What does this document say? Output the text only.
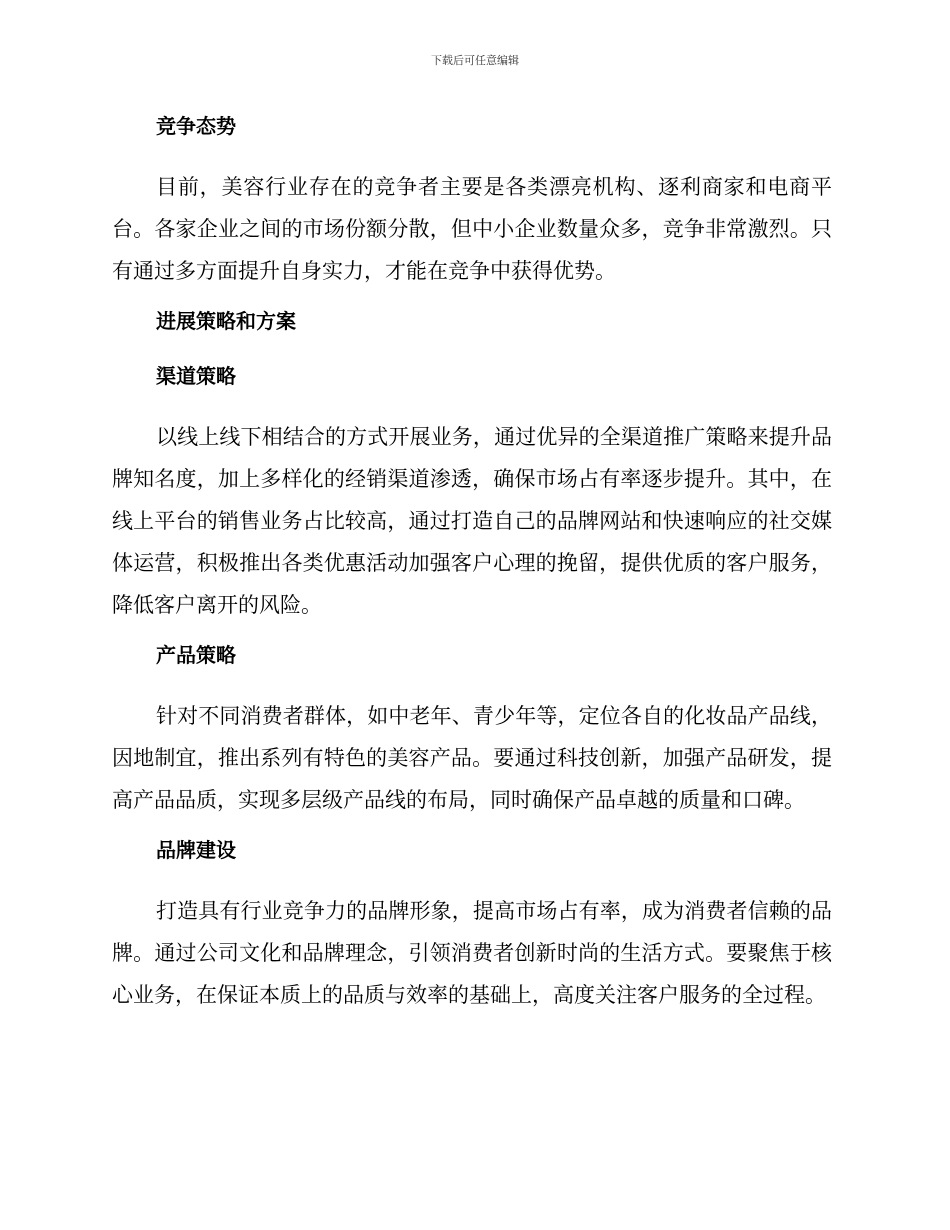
下载后可任意编辑
竞争态势

目前，美容行业存在的竞争者主要是各类漂亮机构、逐利商家和电商平台。各家企业之间的市场份额分散，但中小企业数量众多，竞争非常激烈。只有通过多方面提升自身实力，才能在竞争中获得优势。

进展策略和方案
渠道策略

以线上线下相结合的方式开展业务，通过优异的全渠道推广策略来提升品牌知名度，加上多样化的经销渠道渗透，确保市场占有率逐步提升。其中，在线上平台的销售业务占比较高，通过打造自己的品牌网站和快速响应的社交媒体运营，积极推出各类优惠活动加强客户心理的挽留，提供优质的客户服务，降低客户离开的风险。

产品策略

针对不同消费者群体，如中老年、青少年等，定位各自的化妆品产品线，因地制宜，推出系列有特色的美容产品。要通过科技创新，加强产品研发，提高产品品质，实现多层级产品线的布局，同时确保产品卓越的质量和口碑。

品牌建设

打造具有行业竞争力的品牌形象，提高市场占有率，成为消费者信赖的品牌。通过公司文化和品牌理念，引领消费者创新时尚的生活方式。要聚焦于核心业务，在保证本质上的品质与效率的基础上，高度关注客户服务的全过程。
